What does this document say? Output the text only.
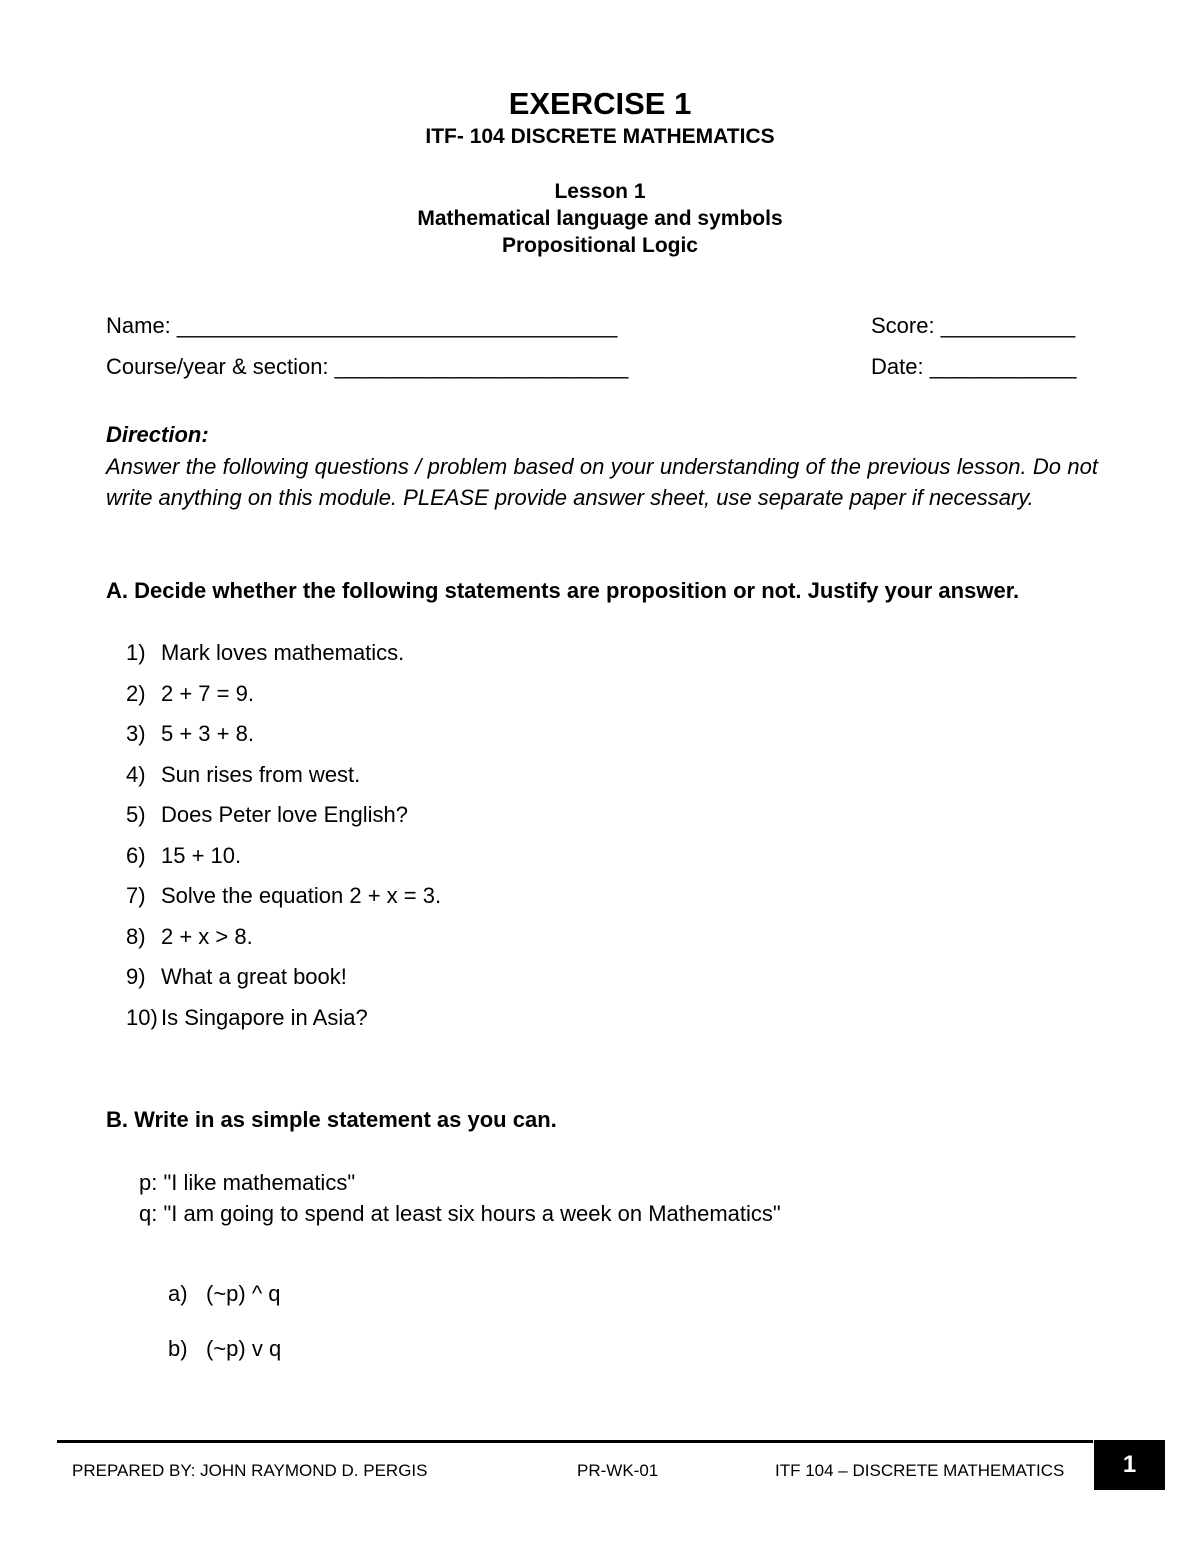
EXERCISE 1
ITF- 104 DISCRETE MATHEMATICS
Lesson 1
Mathematical language and symbols
Propositional Logic
Name: ____________________________________	Score: ___________
Course/year & section: ________________________	Date: ____________
Direction:
Answer the following questions / problem based on your understanding of the previous lesson. Do not write anything on this module. PLEASE provide answer sheet, use separate paper if necessary.
A. Decide whether the following statements are proposition or not. Justify your answer.
1) Mark loves mathematics.
2) 2 + 7 = 9.
3) 5 + 3 + 8.
4) Sun rises from west.
5) Does Peter love English?
6) 15 + 10.
7) Solve the equation 2 + x = 3.
8) 2 + x > 8.
9) What a great book!
10) Is Singapore in Asia?
B. Write in as simple statement as you can.
p: "I like mathematics"
q: "I am going to spend at least six hours a week on Mathematics"
a) (~p) ^ q
b) (~p) v q
PREPARED BY: JOHN RAYMOND D. PERGIS	PR-WK-01	ITF 104 – DISCRETE MATHEMATICS	1
